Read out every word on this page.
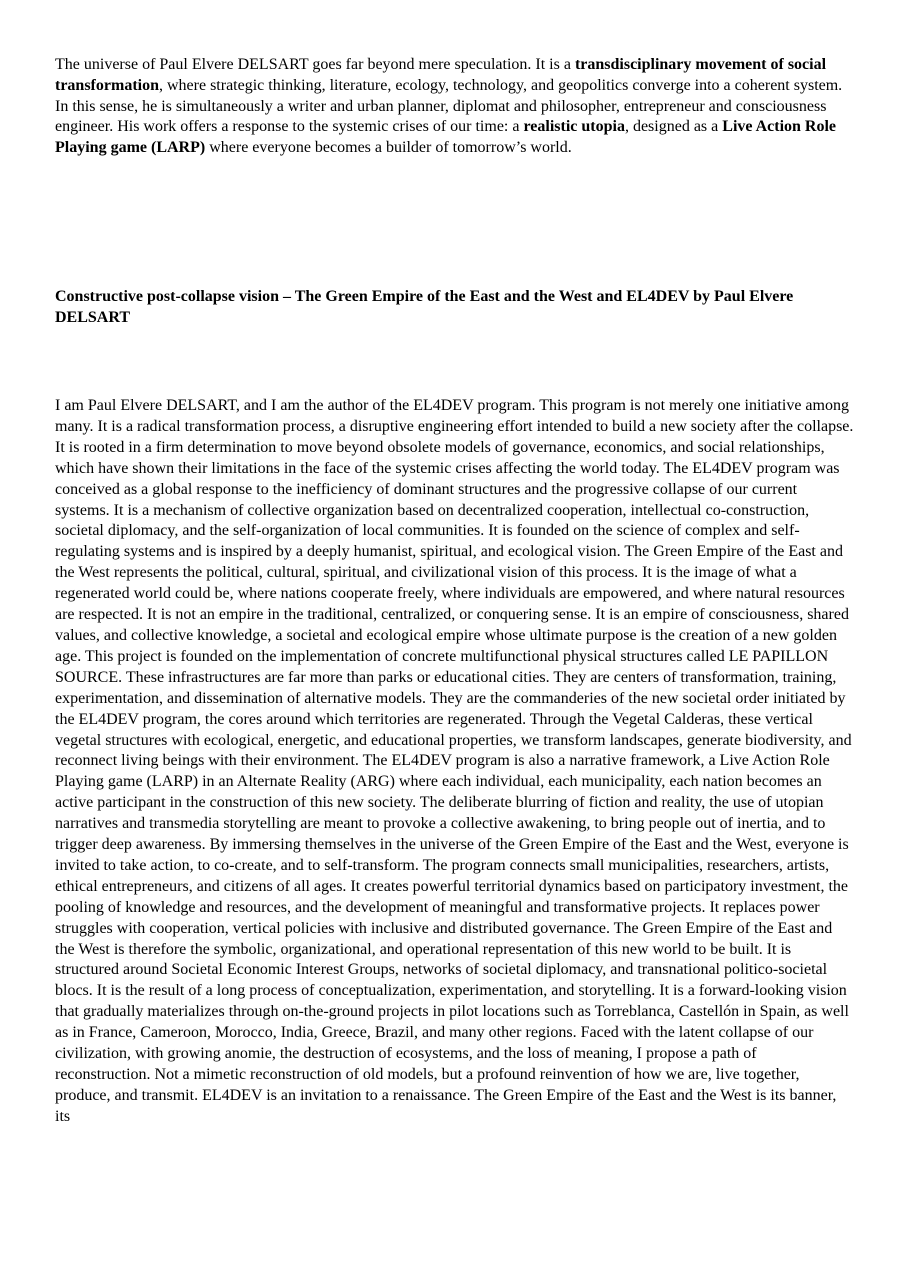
The universe of Paul Elvere DELSART goes far beyond mere speculation. It is a transdisciplinary movement of social transformation, where strategic thinking, literature, ecology, technology, and geopolitics converge into a coherent system. In this sense, he is simultaneously a writer and urban planner, diplomat and philosopher, entrepreneur and consciousness engineer. His work offers a response to the systemic crises of our time: a realistic utopia, designed as a Live Action Role Playing game (LARP) where everyone becomes a builder of tomorrow’s world.

Constructive post-collapse vision – The Green Empire of the East and the West and EL4DEV by Paul Elvere DELSART

I am Paul Elvere DELSART, and I am the author of the EL4DEV program. This program is not merely one initiative among many. It is a radical transformation process, a disruptive engineering effort intended to build a new society after the collapse. It is rooted in a firm determination to move beyond obsolete models of governance, economics, and social relationships, which have shown their limitations in the face of the systemic crises affecting the world today. The EL4DEV program was conceived as a global response to the inefficiency of dominant structures and the progressive collapse of our current systems. It is a mechanism of collective organization based on decentralized cooperation, intellectual co-construction, societal diplomacy, and the self-organization of local communities. It is founded on the science of complex and self-regulating systems and is inspired by a deeply humanist, spiritual, and ecological vision. The Green Empire of the East and the West represents the political, cultural, spiritual, and civilizational vision of this process. It is the image of what a regenerated world could be, where nations cooperate freely, where individuals are empowered, and where natural resources are respected. It is not an empire in the traditional, centralized, or conquering sense. It is an empire of consciousness, shared values, and collective knowledge, a societal and ecological empire whose ultimate purpose is the creation of a new golden age. This project is founded on the implementation of concrete multifunctional physical structures called LE PAPILLON SOURCE. These infrastructures are far more than parks or educational cities. They are centers of transformation, training, experimentation, and dissemination of alternative models. They are the commanderies of the new societal order initiated by the EL4DEV program, the cores around which territories are regenerated. Through the Vegetal Calderas, these vertical vegetal structures with ecological, energetic, and educational properties, we transform landscapes, generate biodiversity, and reconnect living beings with their environment. The EL4DEV program is also a narrative framework, a Live Action Role Playing game (LARP) in an Alternate Reality (ARG) where each individual, each municipality, each nation becomes an active participant in the construction of this new society. The deliberate blurring of fiction and reality, the use of utopian narratives and transmedia storytelling are meant to provoke a collective awakening, to bring people out of inertia, and to trigger deep awareness. By immersing themselves in the universe of the Green Empire of the East and the West, everyone is invited to take action, to co-create, and to self-transform. The program connects small municipalities, researchers, artists, ethical entrepreneurs, and citizens of all ages. It creates powerful territorial dynamics based on participatory investment, the pooling of knowledge and resources, and the development of meaningful and transformative projects. It replaces power struggles with cooperation, vertical policies with inclusive and distributed governance. The Green Empire of the East and the West is therefore the symbolic, organizational, and operational representation of this new world to be built. It is structured around Societal Economic Interest Groups, networks of societal diplomacy, and transnational politico-societal blocs. It is the result of a long process of conceptualization, experimentation, and storytelling. It is a forward-looking vision that gradually materializes through on-the-ground projects in pilot locations such as Torreblanca, Castellón in Spain, as well as in France, Cameroon, Morocco, India, Greece, Brazil, and many other regions. Faced with the latent collapse of our civilization, with growing anomie, the destruction of ecosystems, and the loss of meaning, I propose a path of reconstruction. Not a mimetic reconstruction of old models, but a profound reinvention of how we are, live together, produce, and transmit. EL4DEV is an invitation to a renaissance. The Green Empire of the East and the West is its banner, its
